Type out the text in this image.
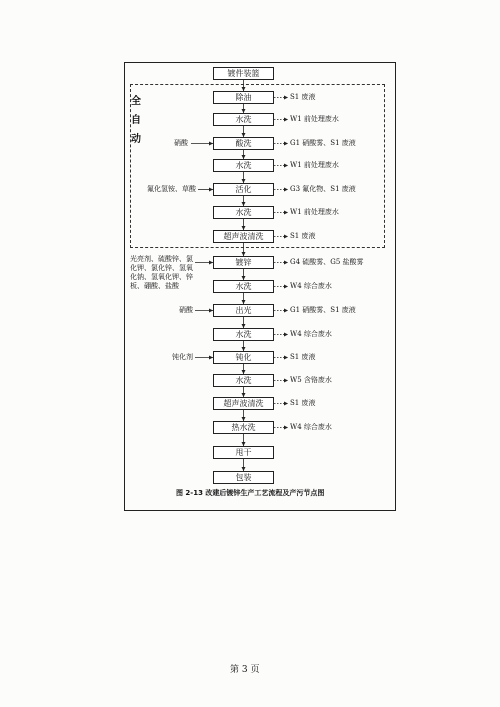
全
自
动
镀件装篮
除油
水洗
酸洗
水洗
活化
水洗
超声波清洗
镀锌
水洗
出光
水洗
钝化
水洗
超声波清洗
热水洗
甩干
包装
硝酸
氟化氢铵、草酸
光亮剂、硫酸锌、氯
化钾、氯化锌、氢氧
化钠、氢氧化钾、锌
板、硼酸、盐酸
硝酸
钝化剂
S1 废液
W1 前处理废水
G1 硝酸雾、S1 废液
W1 前处理废水
G3 氟化物、S1 废液
W1 前处理废水
S1 废液
G4 硫酸雾、G5 盐酸雾
W4 综合废水
G1 硝酸雾、S1 废液
W4 综合废水
S1 废液
W5 含铬废水
S1 废液
W4 综合废水
图 2-13 改建后镀锌生产工艺流程及产污节点图
第 3 页
